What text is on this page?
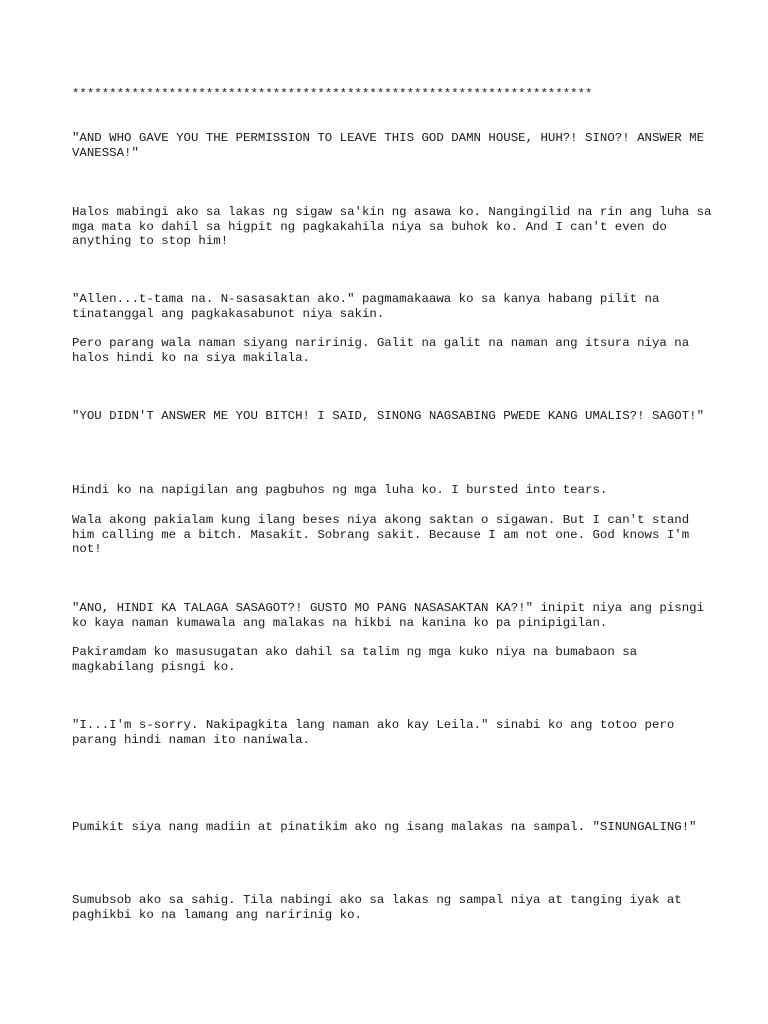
**********************************************************************

"AND WHO GAVE YOU THE PERMISSION TO LEAVE THIS GOD DAMN HOUSE, HUH?! SINO?! ANSWER ME VANESSA!"

Halos mabingi ako sa lakas ng sigaw sa'kin ng asawa ko. Nangingilid na rin ang luha sa mga mata ko dahil sa higpit ng pagkakahila niya sa buhok ko. And I can't even do anything to stop him!

"Allen...t-tama na. N-sasasaktan ako." pagmamakaawa ko sa kanya habang pilit na tinatanggal ang pagkakasabunot niya sakin.

Pero parang wala naman siyang naririnig. Galit na galit na naman ang itsura niya na halos hindi ko na siya makilala.

"YOU DIDN'T ANSWER ME YOU BITCH! I SAID, SINONG NAGSABING PWEDE KANG UMALIS?! SAGOT!"

Hindi ko na napigilan ang pagbuhos ng mga luha ko. I bursted into tears.

Wala akong pakialam kung ilang beses niya akong saktan o sigawan. But I can't stand him calling me a bitch. Masakit. Sobrang sakit. Because I am not one. God knows I'm not!

"ANO, HINDI KA TALAGA SASAGOT?! GUSTO MO PANG NASASAKTAN KA?!" inipit niya ang pisngi ko kaya naman kumawala ang malakas na hikbi na kanina ko pa pinipigilan.

Pakiramdam ko masusugatan ako dahil sa talim ng mga kuko niya na bumabaon sa magkabilang pisngi ko.

"I...I'm s-sorry. Nakipagkita lang naman ako kay Leila." sinabi ko ang totoo pero parang hindi naman ito naniwala.

Pumikit siya nang madiin at pinatikim ako ng isang malakas na sampal. "SINUNGALING!"

Sumubsob ako sa sahig. Tila nabingi ako sa lakas ng sampal niya at tanging iyak at paghikbi ko na lamang ang naririnig ko.
